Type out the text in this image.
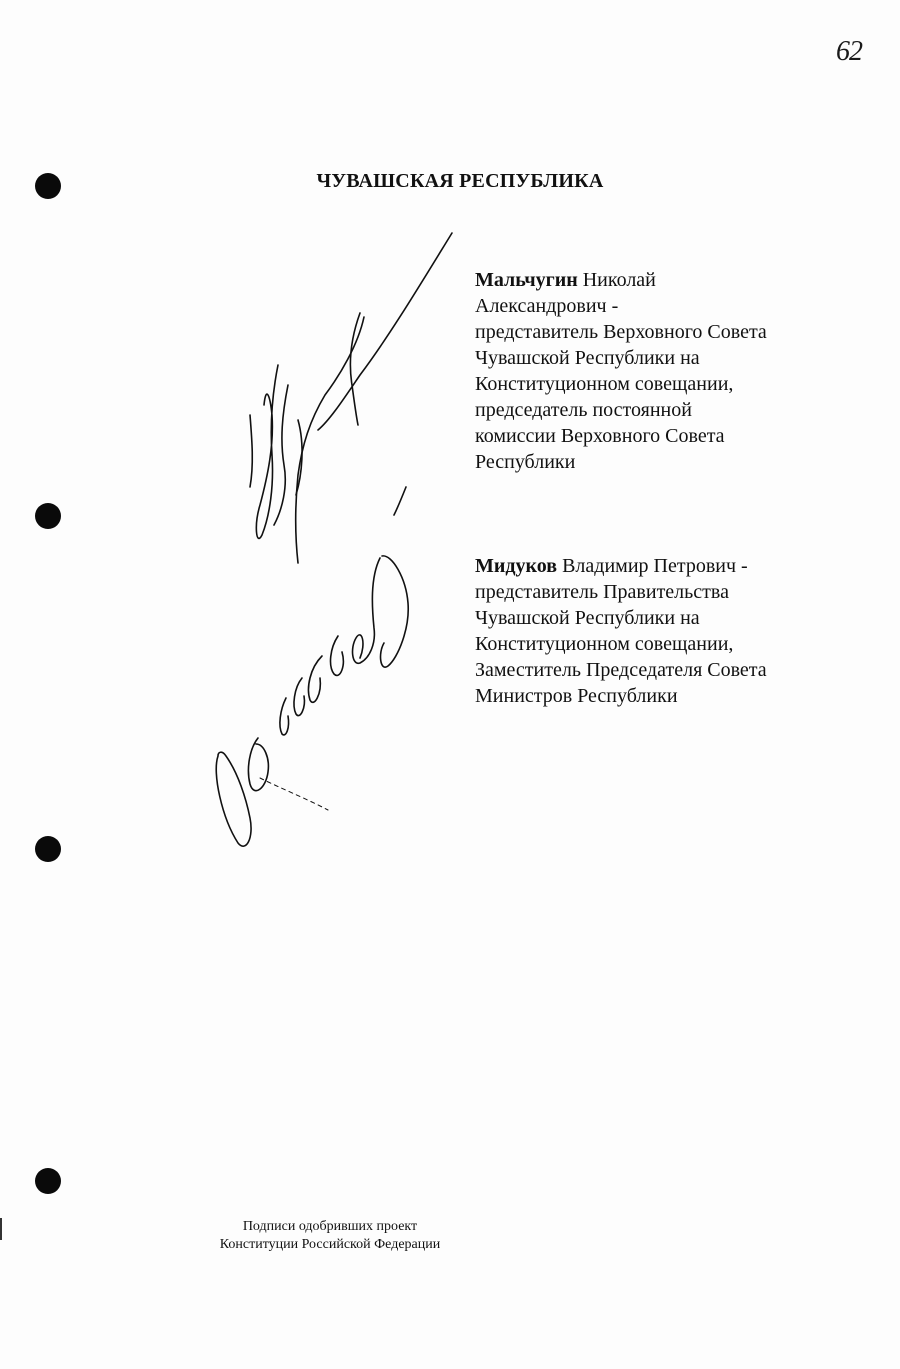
62
ЧУВАШСКАЯ РЕСПУБЛИКА
Мальчугин Николай
Александрович -
представитель Верховного Совета
Чувашской Республики на
Конституционном совещании,
председатель постоянной
комиссии Верховного Совета
Республики
Мидуков Владимир Петрович -
представитель Правительства
Чувашской Республики на
Конституционном совещании,
Заместитель Председателя Совета
Министров Республики
Подписи одобривших проект
Конституции Российской Федерации
